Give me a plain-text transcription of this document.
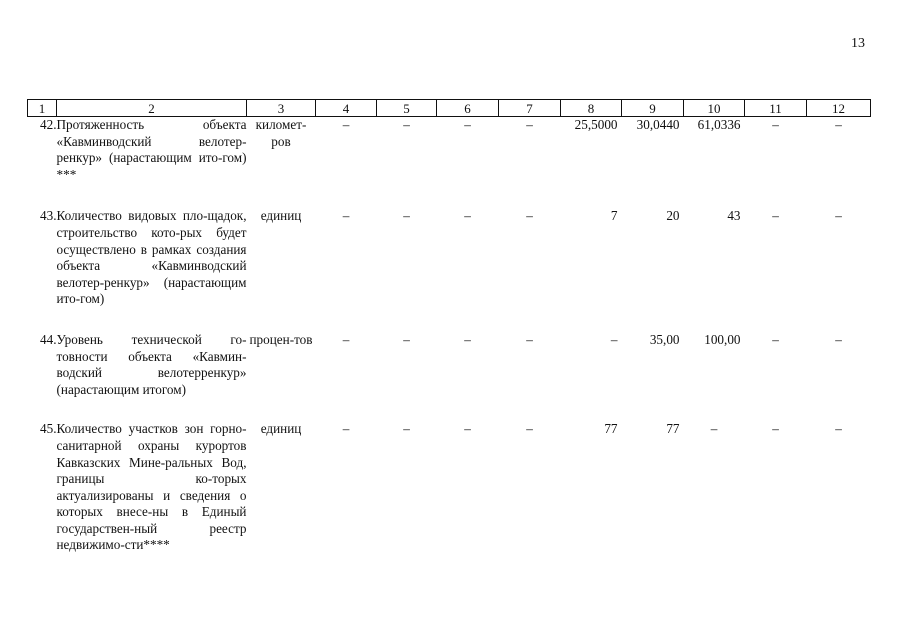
13
1	2	3	4	5	6	7	8	9	10	11	12
42.	Протяженность объекта «Кавминводский велотер-ренкур» (нарастающим ито-гом) ***	километ-ров	–	–	–	–	25,5000	30,0440	61,0336	–	–
43.	Количество видовых пло-щадок, строительство кото-рых будет осуществлено в рамках создания объекта «Кавминводский велотер-ренкур» (нарастающим ито-гом)	единиц	–	–	–	–	7	20	43	–	–
44.	Уровень технической го-товности объекта «Кавмин-водский велотерренкур» (нарастающим итогом)	процен-тов	–	–	–	–	–	35,00	100,00	–	–
45.	Количество участков зон горно-санитарной охраны курортов Кавказских Мине-ральных Вод, границы ко-торых актуализированы и сведения о которых внесе-ны в Единый государствен-ный реестр недвижимо-сти****	единиц	–	–	–	–	77	77	–	–	–
